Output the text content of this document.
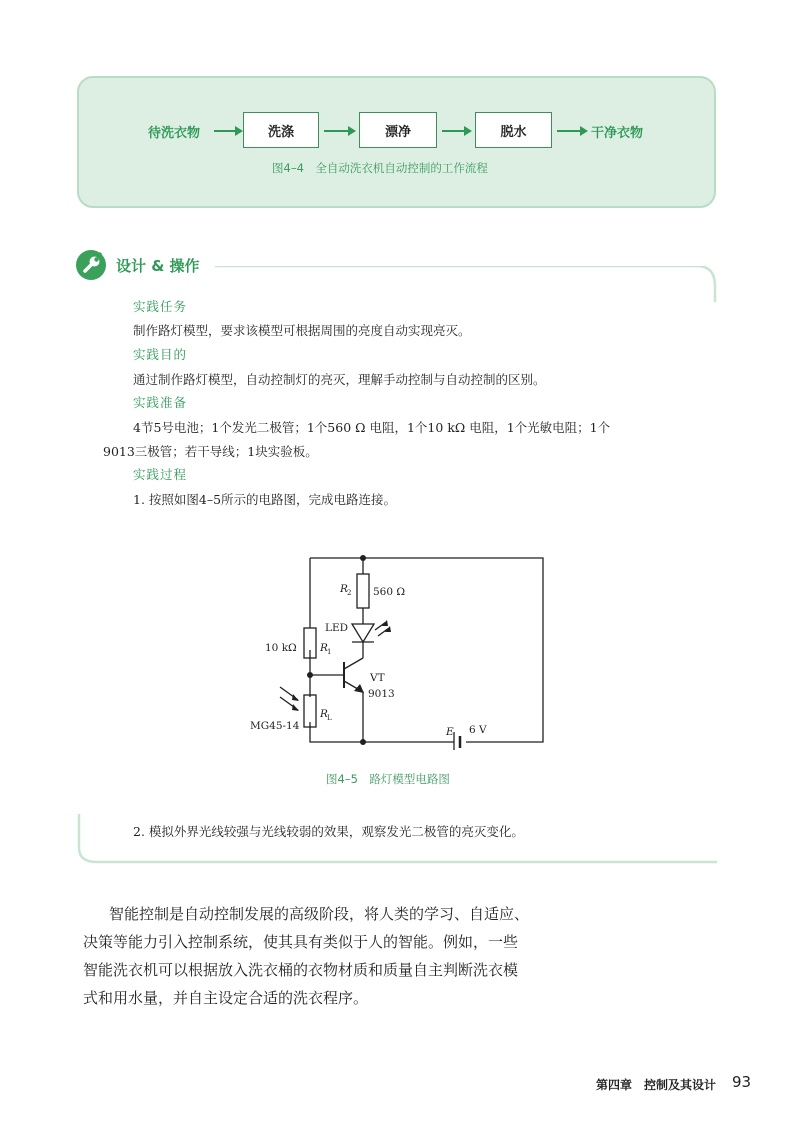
待洗衣物	洗涤	漂净	脱水	干净衣物
图4–4　全自动洗衣机自动控制的工作流程
设计 & 操作
实践任务
制作路灯模型，要求该模型可根据周围的亮度自动实现亮灭。
实践目的
通过制作路灯模型，自动控制灯的亮灭，理解手动控制与自动控制的区别。
实践准备
4节5号电池；1个发光二极管；1个560 Ω 电阻，1个10 kΩ 电阻，1个光敏电阻；1个
9013三极管；若干导线；1块实验板。
实践过程
1. 按照如图4–5所示的电路图，完成电路连接。
R 2 560 Ω
LED
10 kΩ R 1
VT
9013
R L
MG45-14	E 6 V
图4–5　路灯模型电路图
2. 模拟外界光线较强与光线较弱的效果，观察发光二极管的亮灭变化。
智能控制是自动控制发展的高级阶段，将人类的学习、自适应、
决策等能力引入控制系统，使其具有类似于人的智能。例如，一些
智能洗衣机可以根据放入洗衣桶的衣物材质和质量自主判断洗衣模
式和用水量，并自主设定合适的洗衣程序。
第四章　控制及其设计 93
